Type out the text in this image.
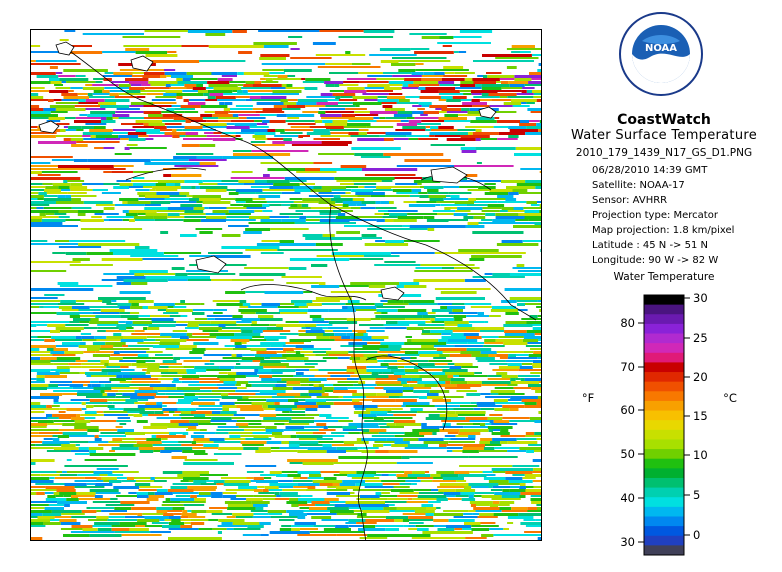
NOAA
CoastWatch
Water Surface Temperature
2010_179_1439_N17_GS_D1.PNG
06/28/2010 14:39 GMT
Satellite: NOAA-17
Sensor: AVHRR
Projection type: Mercator
Map projection: 1.8 km/pixel
Latitude : 45 N -> 51 N
Longitude: 90 W -> 82 W
Water Temperature
80
70
60
50
40
30
30
25
20
15
10
5
0
°F	°C
